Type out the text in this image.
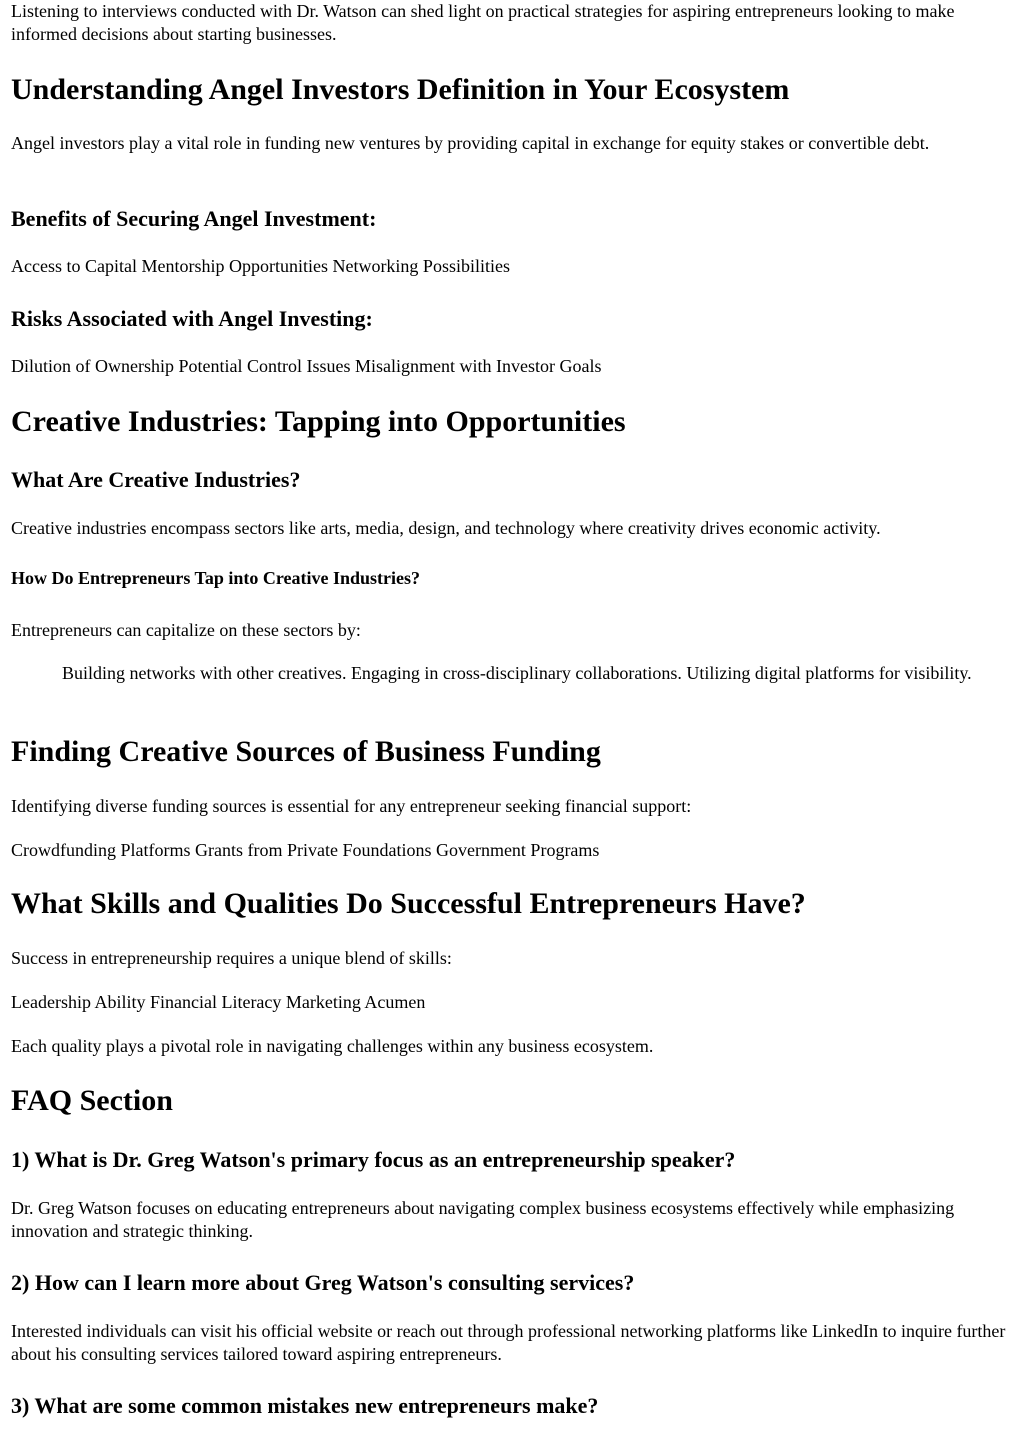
Listening to interviews conducted with Dr. Watson can shed light on practical strategies for aspiring entrepreneurs looking to make informed decisions about starting businesses.

Understanding Angel Investors Definition in Your Ecosystem

Angel investors play a vital role in funding new ventures by providing capital in exchange for equity stakes or convertible debt.

Benefits of Securing Angel Investment:

Access to Capital Mentorship Opportunities Networking Possibilities

Risks Associated with Angel Investing:

Dilution of Ownership Potential Control Issues Misalignment with Investor Goals

Creative Industries: Tapping into Opportunities
What Are Creative Industries?

Creative industries encompass sectors like arts, media, design, and technology where creativity drives economic activity.

How Do Entrepreneurs Tap into Creative Industries?

Entrepreneurs can capitalize on these sectors by:

Building networks with other creatives. Engaging in cross-disciplinary collaborations. Utilizing digital platforms for visibility.
Finding Creative Sources of Business Funding

Identifying diverse funding sources is essential for any entrepreneur seeking financial support:

Crowdfunding Platforms Grants from Private Foundations Government Programs

What Skills and Qualities Do Successful Entrepreneurs Have?

Success in entrepreneurship requires a unique blend of skills:

Leadership Ability Financial Literacy Marketing Acumen

Each quality plays a pivotal role in navigating challenges within any business ecosystem.

FAQ Section
1) What is Dr. Greg Watson's primary focus as an entrepreneurship speaker?

Dr. Greg Watson focuses on educating entrepreneurs about navigating complex business ecosystems effectively while emphasizing innovation and strategic thinking.

2) How can I learn more about Greg Watson's consulting services?

Interested individuals can visit his official website or reach out through professional networking platforms like LinkedIn to inquire further about his consulting services tailored toward aspiring entrepreneurs.

3) What are some common mistakes new entrepreneurs make?
